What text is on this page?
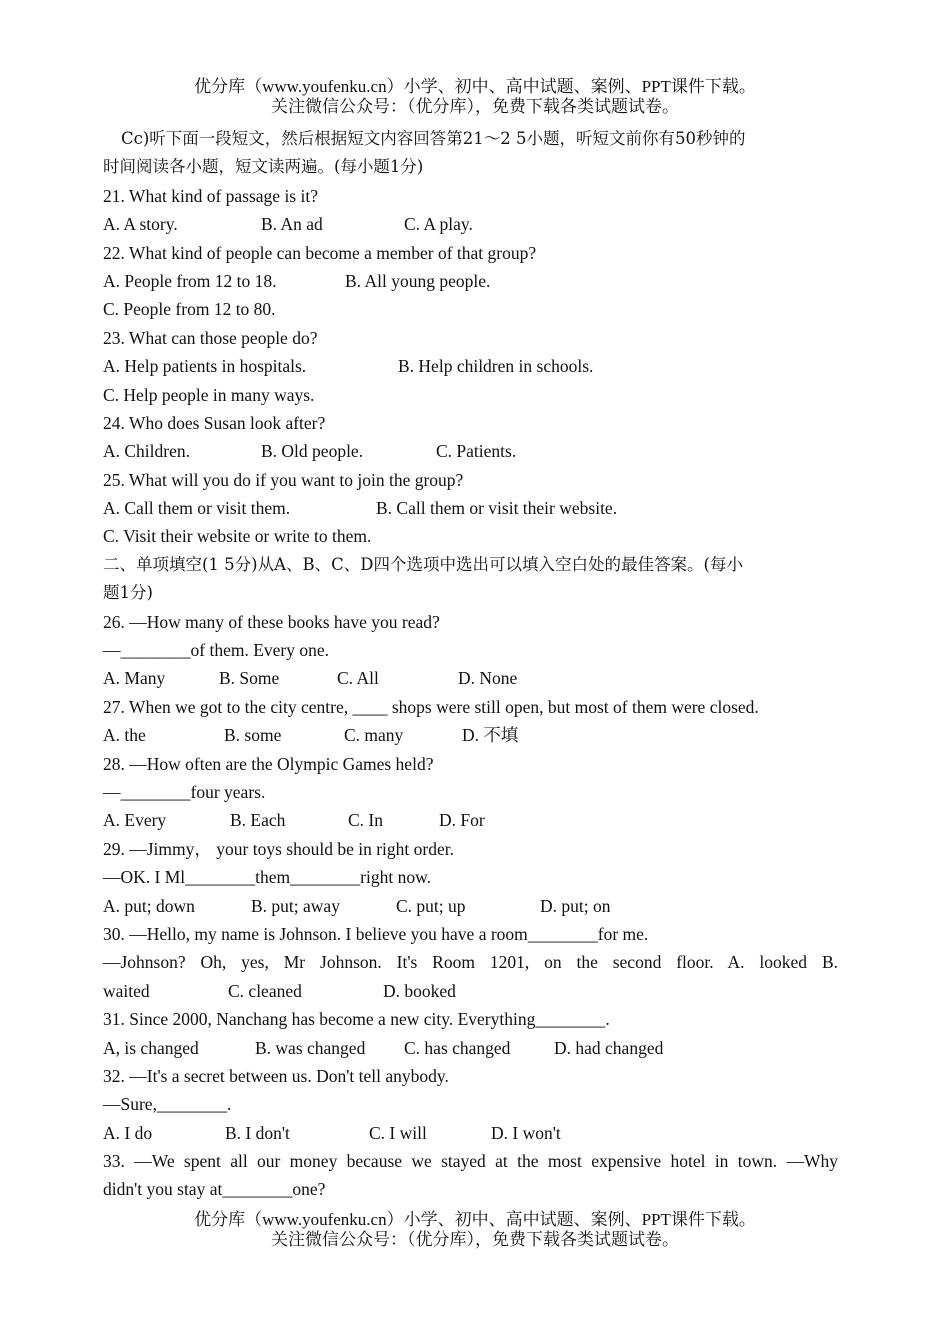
优分库（www.youfenku.cn）小学、初中、高中试题、案例、PPT课件下载。
关注微信公众号：（优分库），免费下载各类试题试卷。
Cc)听下面一段短文，然后根据短文内容回答第21～2 5小题，听短文前你有50秒钟的
时间阅读各小题，短文读两遍。(每小题1分)
21. What kind of passage is it?
A. A story.	B. An ad	C. A play.
22. What kind of people can become a member of that group?
A. People from 12 to 18.	B. All young people.
C. People from 12 to 80.
23. What can those people do?
A. Help patients in hospitals.	B. Help children in schools.
C. Help people in many ways.
24. Who does Susan look after?
A. Children.	B. Old people.	C. Patients.
25. What will you do if you want to join the group?
A. Call them or visit them.	B. Call them or visit their website.
C. Visit their website or write to them.
二、单项填空(1 5分)从A、B、C、D四个选项中选出可以填入空白处的最佳答案。(每小
题1分)
26. —How many of these books have you read?
—________of them. Every one.
A. Many	B. Some	C. All	D. None
27. When we got to the city centre, ____ shops were still open, but most of them were closed.
A. the	B. some	C. many	D. 不填
28. —How often are the Olympic Games held?
—________four years.
A. Every	B. Each	C. In	D. For
29. —Jimmy， your toys should be in right order.
—OK. I Ml________them________right now.
A. put; down	B. put; away	C. put; up	D. put; on
30. —Hello, my name is Johnson. I believe you have a room________for me.
—Johnson? Oh, yes, Mr Johnson. It's Room 1201, on the second floor. A. looked B.
waited	C. cleaned	D. booked
31. Since 2000, Nanchang has become a new city. Everything________.
A, is changed	B. was changed C. has changed D. had changed
32. —It's a secret between us. Don't tell anybody.
—Sure,________.
A. I do	B. I don't	C. I will	D. I won't
33. —We spent all our money because we stayed at the most expensive hotel in town. —Why
didn't you stay at________one?
优分库（www.youfenku.cn）小学、初中、高中试题、案例、PPT课件下载。
关注微信公众号：（优分库），免费下载各类试题试卷。
